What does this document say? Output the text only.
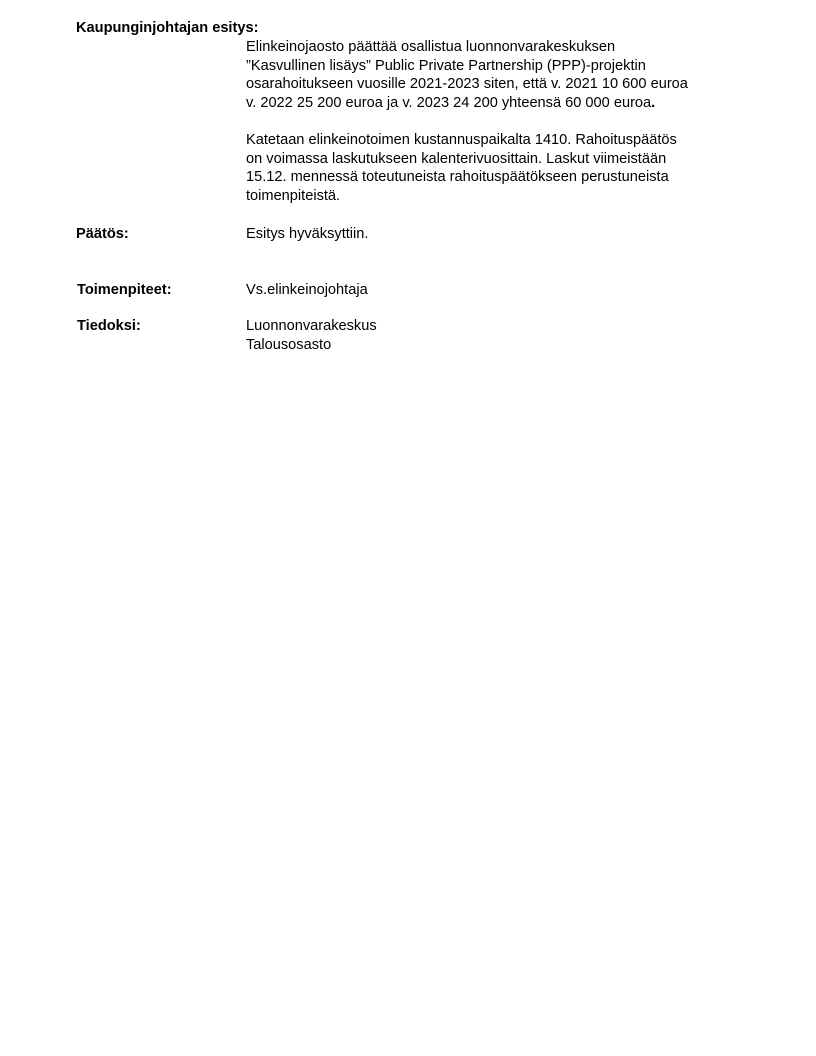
Kaupunginjohtajan esitys:

Elinkeinojaosto päättää osallistua luonnonvarakeskuksen

”Kasvullinen lisäys” Public Private Partnership (PPP)-projektin

osarahoitukseen vuosille 2021-2023 siten, että v. 2021 10 600 euroa

v. 2022 25 200 euroa ja v. 2023 24 200 yhteensä 60 000 euroa.

Katetaan elinkeinotoimen kustannuspaikalta 1410. Rahoituspäätös

on voimassa laskutukseen kalenterivuosittain. Laskut viimeistään

15.12. mennessä toteutuneista rahoituspäätökseen perustuneista

toimenpiteistä.

Päätös:	Esitys hyväksyttiin.

Toimenpiteet:	Vs.elinkeinojohtaja

Tiedoksi:	Luonnonvarakeskus

Talousosasto
